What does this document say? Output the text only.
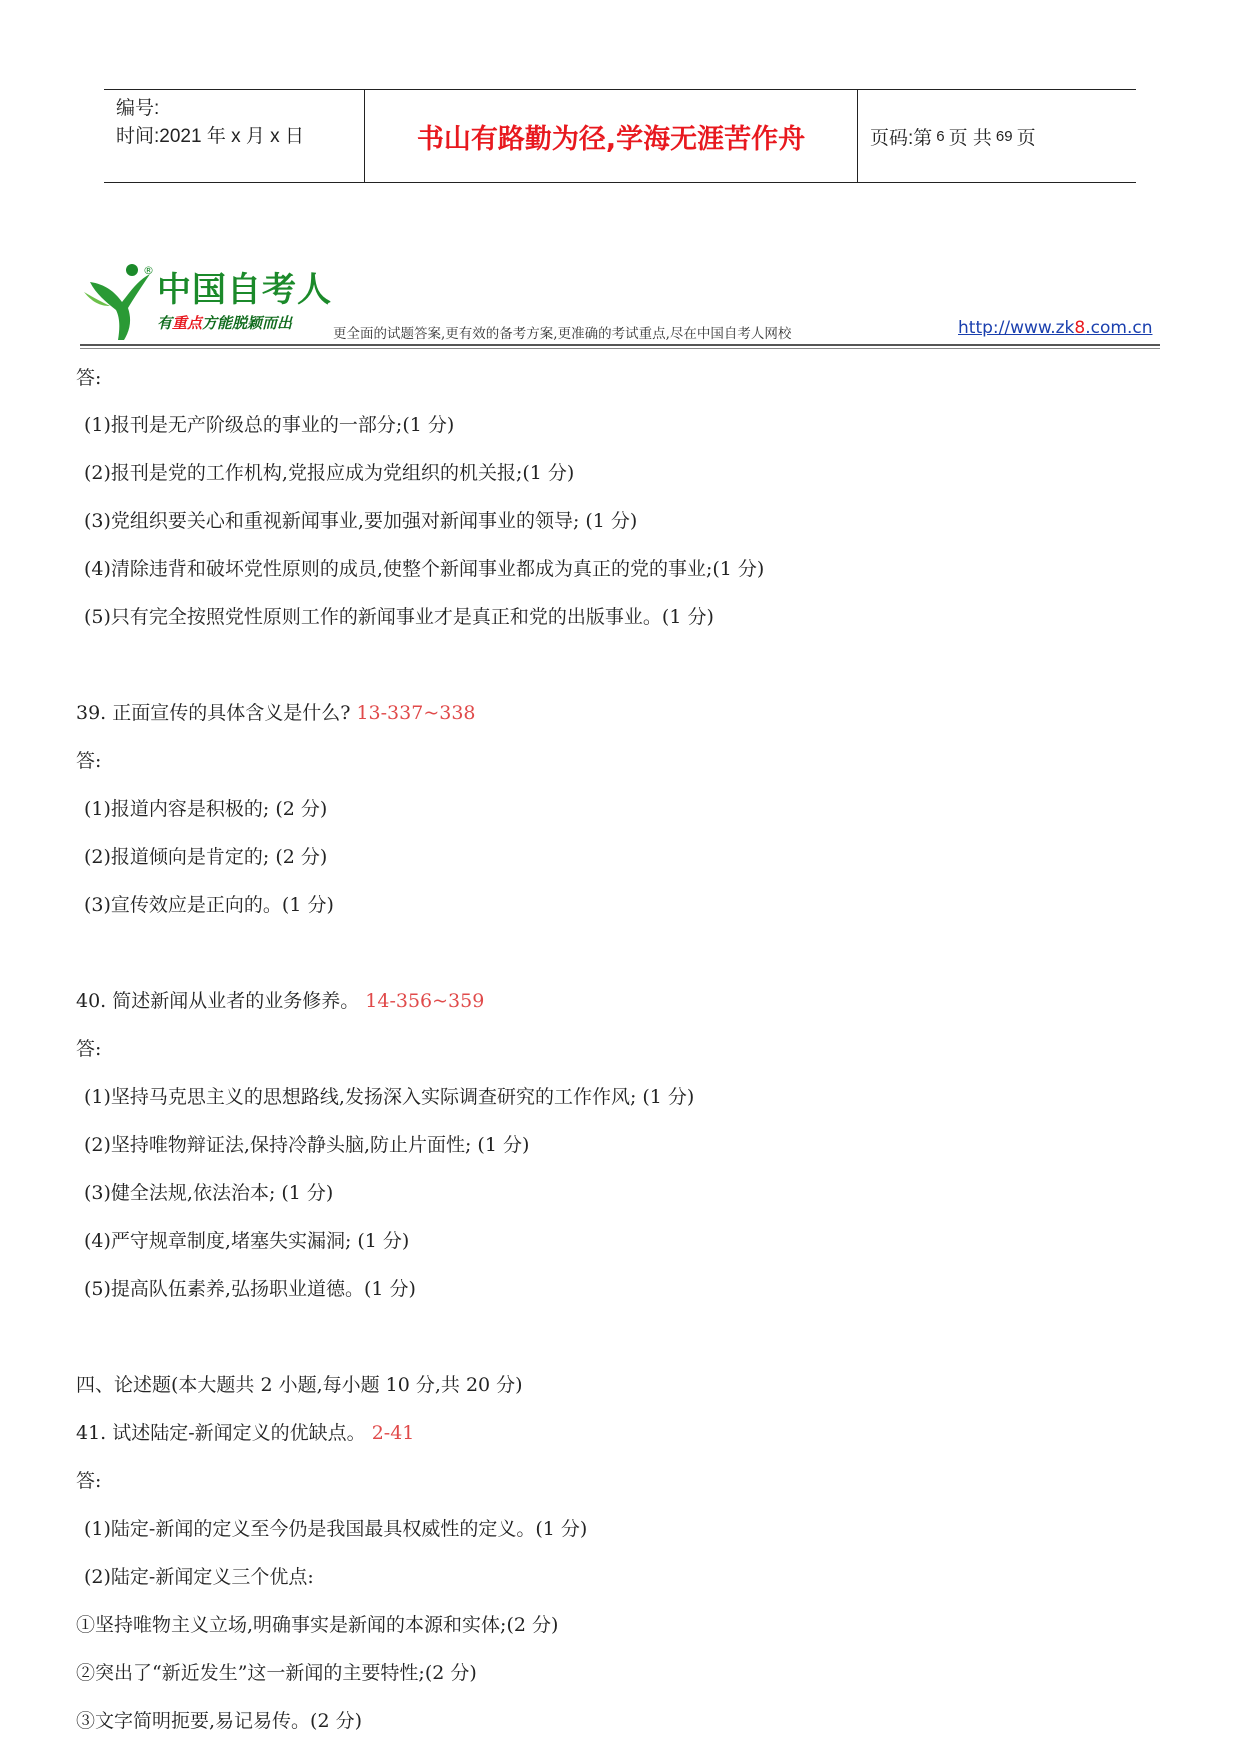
编号:
时间:2021 年 x 月 x 日	书山有路勤为径,学海无涯苦作舟	页码:第 6 页 共 69 页
® 中国自考人
有重点方能脱颖而出
更全面的试题答案,更有效的备考方案,更准确的考试重点,尽在中国自考人网校	http://www.zk8.com.cn
答:
(1)报刊是无产阶级总的事业的一部分;(1 分)
(2)报刊是党的工作机构,党报应成为党组织的机关报;(1 分)
(3)党组织要关心和重视新闻事业,要加强对新闻事业的领导; (1 分)
(4)清除违背和破坏党性原则的成员,使整个新闻事业都成为真正的党的事业;(1 分)
(5)只有完全按照党性原则工作的新闻事业才是真正和党的出版事业。(1 分)
39. 正面宣传的具体含义是什么? 13-337~338
答:
(1)报道内容是积极的; (2 分)
(2)报道倾向是肯定的; (2 分)
(3)宣传效应是正向的。(1 分)
40. 简述新闻从业者的业务修养。 14-356~359
答:
(1)坚持马克思主义的思想路线,发扬深入实际调查研究的工作作风; (1 分)
(2)坚持唯物辩证法,保持冷静头脑,防止片面性; (1 分)
(3)健全法规,依法治本; (1 分)
(4)严守规章制度,堵塞失实漏洞; (1 分)
(5)提高队伍素养,弘扬职业道德。(1 分)
四、论述题(本大题共 2 小题,每小题 10 分,共 20 分)
41. 试述陆定-新闻定义的优缺点。 2-41
答:
(1)陆定-新闻的定义至今仍是我国最具权威性的定义。(1 分)
(2)陆定-新闻定义三个优点:
①坚持唯物主义立场,明确事实是新闻的本源和实体;(2 分)
②突出了“新近发生”这一新闻的主要特性;(2 分)
③文字简明扼要,易记易传。(2 分)
